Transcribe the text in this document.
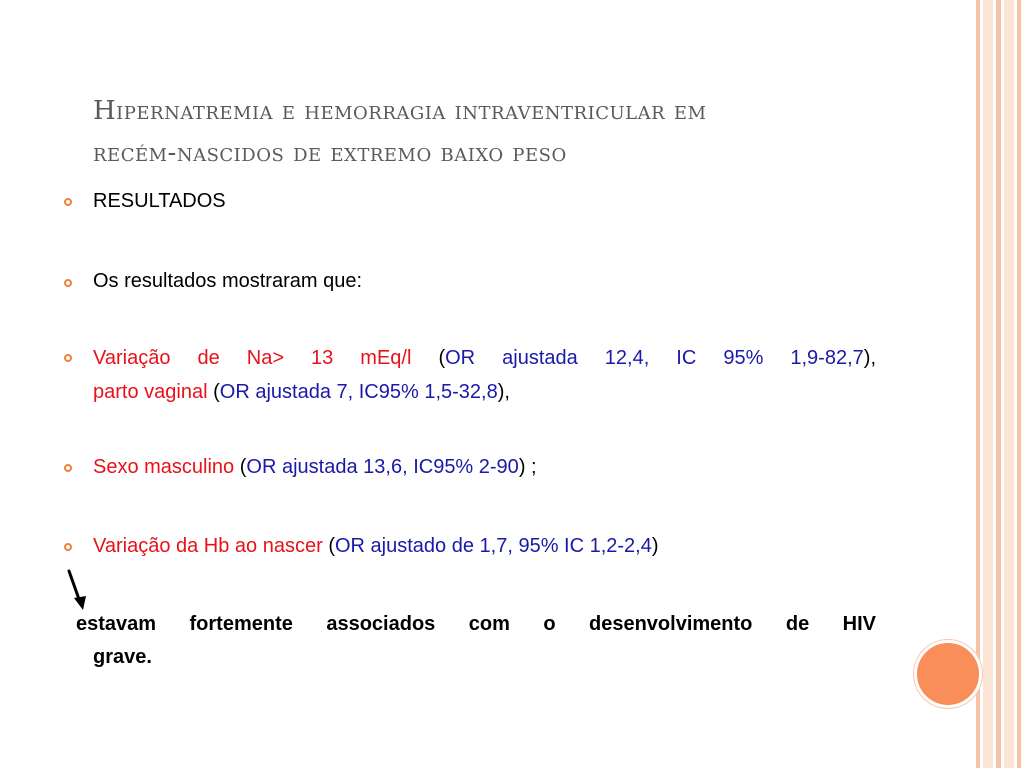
Hipernatremia e hemorragia intraventricular em
recém-nascidos de extremo baixo peso
RESULTADOS
Os resultados mostraram que:
Variação de Na> 13 mEq/l (OR ajustada 12,4, IC 95% 1,9-82,7),
parto vaginal (OR ajustada 7, IC95% 1,5-32,8),
Sexo masculino (OR ajustada 13,6, IC95% 2-90) ;
Variação da Hb ao nascer (OR ajustado de 1,7, 95% IC 1,2-2,4)
estavam fortemente associados com o desenvolvimento de HIV
grave.
